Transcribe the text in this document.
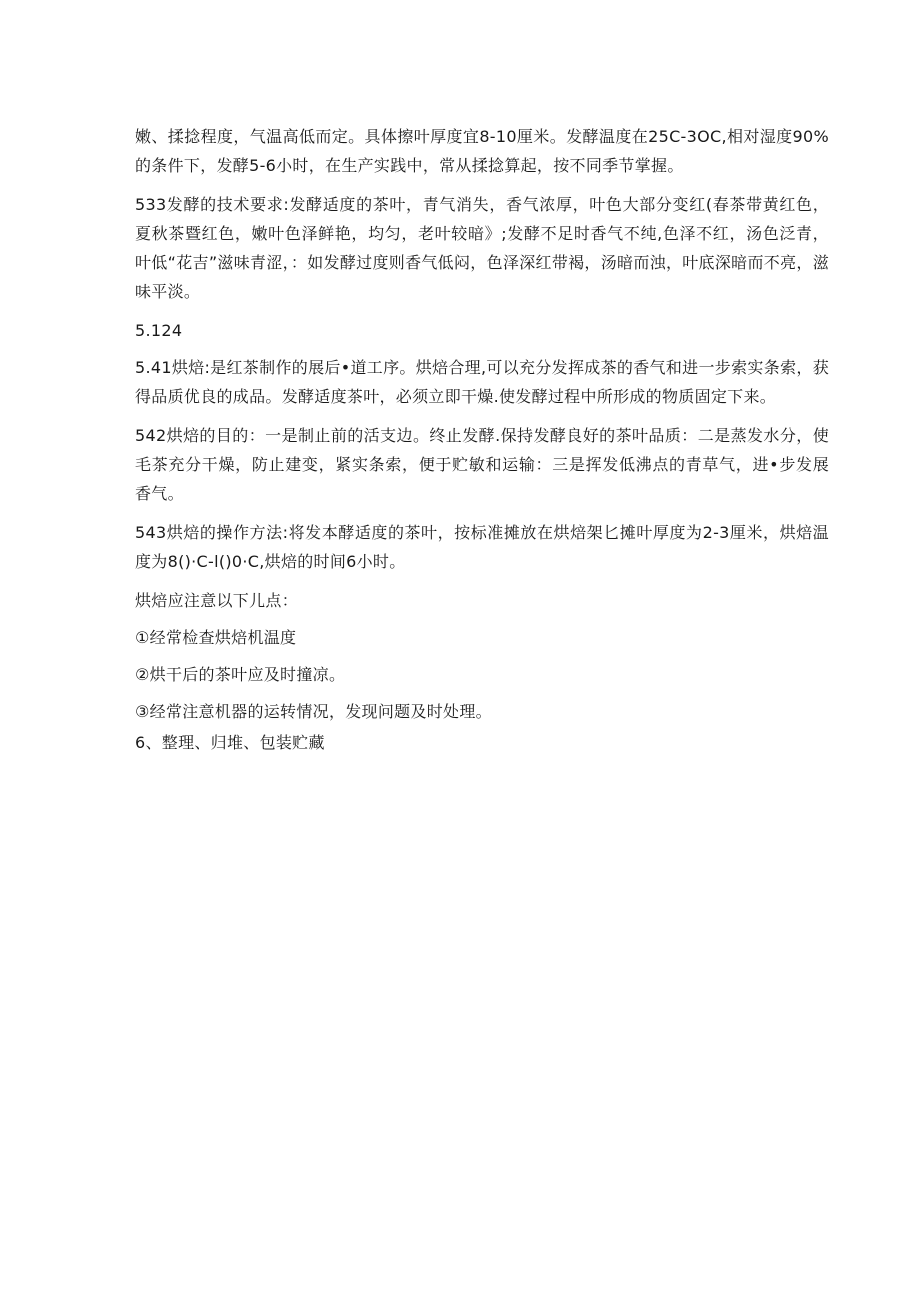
嫩、揉捻程度，气温高低而定。具体擦叶厚度宜8-10厘米。发酵温度在25C-3OC,相对湿度90%的条件下，发酵5-6小时，在生产实践中，常从揉捻算起，按不同季节掌握。

533发酵的技术要求:发酵适度的茶叶，青气消失，香气浓厚，叶色大部分变红(春茶带黄红色，夏秋茶暨红色，嫩叶色泽鲜艳，均匀，老叶较暗》;发酵不足时香气不纯,色泽不红，汤色泛青，叶低“花吉”滋味青涩，：如发酵过度则香气低闷，色泽深红带褐，汤暗而浊，叶底深暗而不亮，滋味平淡。

5.124

5.41烘焙:是红茶制作的展后•道工序。烘焙合理,可以充分发挥成茶的香气和进一步索实条索，获得品质优良的成品。发酵适度茶叶，必须立即干燥.使发酵过程中所形成的物质固定下来。

542烘焙的目的：一是制止前的活支边。终止发酵.保持发酵良好的茶叶品质：二是蒸发水分，使毛茶充分干燥，防止建变，紧实条索，便于贮敏和运输：三是挥发低沸点的青草气，进•步发展香气。

543烘焙的操作方法:将发本酵适度的茶叶，按标准摊放在烘焙架匕摊叶厚度为2-3厘米，烘焙温度为8()·C-l()0·C,烘焙的时间6小时。

烘焙应注意以下儿点：

①经常检查烘焙机温度

②烘干后的茶叶应及时撞凉。

③经常注意机器的运转情况，发现问题及时处理。

6、整理、归堆、包装贮藏
